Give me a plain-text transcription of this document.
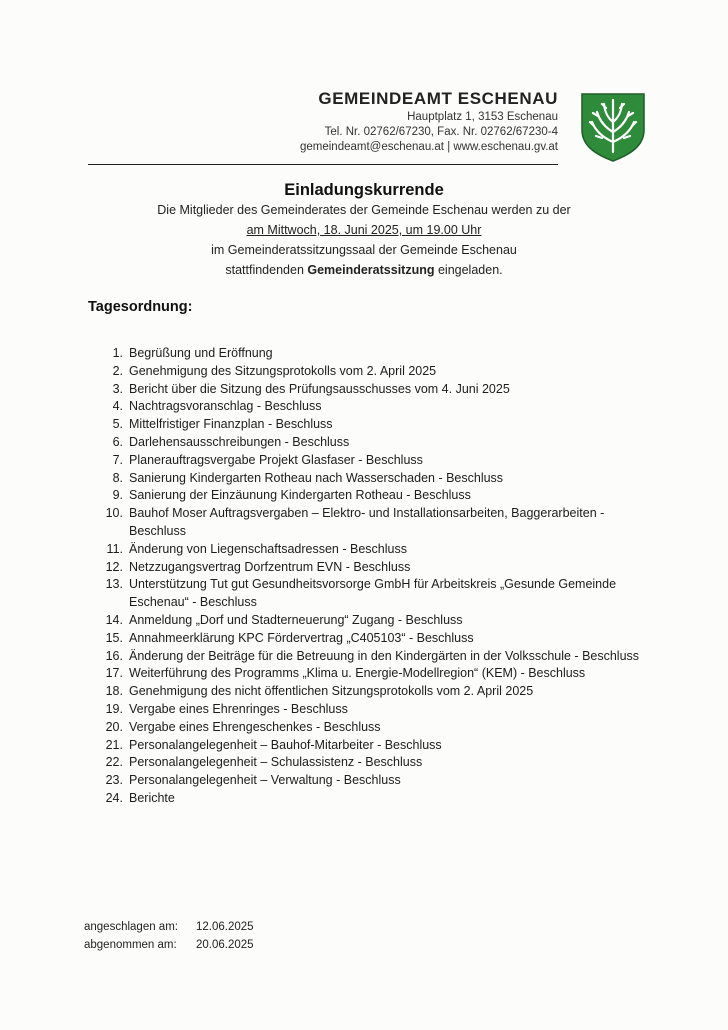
GEMEINDEAMT ESCHENAU
Hauptplatz 1, 3153 Eschenau
Tel. Nr. 02762/67230, Fax. Nr. 02762/67230-4
gemeindeamt@eschenau.at | www.eschenau.gv.at
Einladungskurrende
Die Mitglieder des Gemeinderates der Gemeinde Eschenau werden zu der
am Mittwoch, 18. Juni 2025, um 19.00 Uhr
im Gemeinderatssitzungssaal der Gemeinde Eschenau
stattfindenden Gemeinderatssitzung eingeladen.
Tagesordnung:
1. Begrüßung und Eröffnung
2. Genehmigung des Sitzungsprotokolls vom 2. April 2025
3. Bericht über die Sitzung des Prüfungsausschusses vom 4. Juni 2025
4. Nachtragsvoranschlag - Beschluss
5. Mittelfristiger Finanzplan - Beschluss
6. Darlehensausschreibungen - Beschluss
7. Planerauftragsvergabe Projekt Glasfaser - Beschluss
8. Sanierung Kindergarten Rotheau nach Wasserschaden - Beschluss
9. Sanierung der Einzäunung Kindergarten Rotheau - Beschluss
10. Bauhof Moser Auftragsvergaben – Elektro- und Installationsarbeiten, Baggerarbeiten - Beschluss
11. Änderung von Liegenschaftsadressen - Beschluss
12. Netzzugangsvertrag Dorfzentrum EVN - Beschluss
13. Unterstützung Tut gut Gesundheitsvorsorge GmbH für Arbeitskreis „Gesunde Gemeinde Eschenau“ - Beschluss
14. Anmeldung „Dorf und Stadterneuerung“ Zugang - Beschluss
15. Annahmeerklärung KPC Fördervertrag „C405103“ - Beschluss
16. Änderung der Beiträge für die Betreuung in den Kindergärten in der Volksschule - Beschluss
17. Weiterführung des Programms „Klima u. Energie-Modellregion“ (KEM) - Beschluss
18. Genehmigung des nicht öffentlichen Sitzungsprotokolls vom 2. April 2025
19. Vergabe eines Ehrenringes - Beschluss
20. Vergabe eines Ehrengeschenkes - Beschluss
21. Personalangelegenheit – Bauhof-Mitarbeiter - Beschluss
22. Personalangelegenheit – Schulassistenz - Beschluss
23. Personalangelegenheit – Verwaltung - Beschluss
24. Berichte
angeschlagen am: 12.06.2025
abgenommen am: 20.06.2025
